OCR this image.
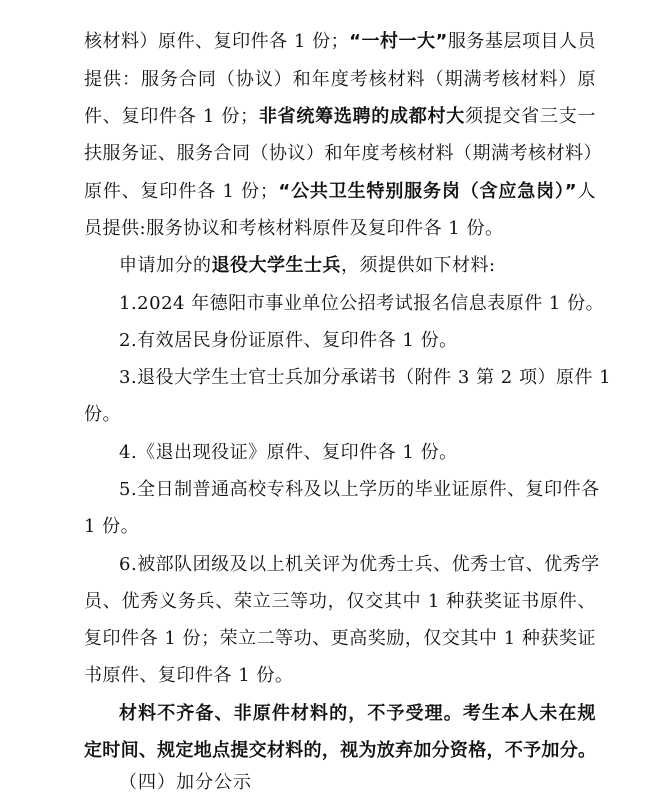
核材料）原件、复印件各 1 份；“一村一大”服务基层项目人员

提供：服务合同（协议）和年度考核材料（期满考核材料）原

件、复印件各 1 份；非省统筹选聘的成都村大须提交省三支一

扶服务证、服务合同（协议）和年度考核材料（期满考核材料）

原件、复印件各 1 份；“公共卫生特别服务岗（含应急岗）”人

员提供:服务协议和考核材料原件及复印件各 1 份。

申请加分的退役大学生士兵，须提供如下材料:

1.2024 年德阳市事业单位公招考试报名信息表原件 1 份。

2.有效居民身份证原件、复印件各 1 份。

3.退役大学生士官士兵加分承诺书（附件 3 第 2 项）原件 1

份。

4.《退出现役证》原件、复印件各 1 份。

5.全日制普通高校专科及以上学历的毕业证原件、复印件各

1 份。

6.被部队团级及以上机关评为优秀士兵、优秀士官、优秀学

员、优秀义务兵、荣立三等功，仅交其中 1 种获奖证书原件、

复印件各 1 份；荣立二等功、更高奖励，仅交其中 1 种获奖证

书原件、复印件各 1 份。

材料不齐备、非原件材料的，不予受理。考生本人未在规

定时间、规定地点提交材料的，视为放弃加分资格，不予加分。

（四）加分公示
